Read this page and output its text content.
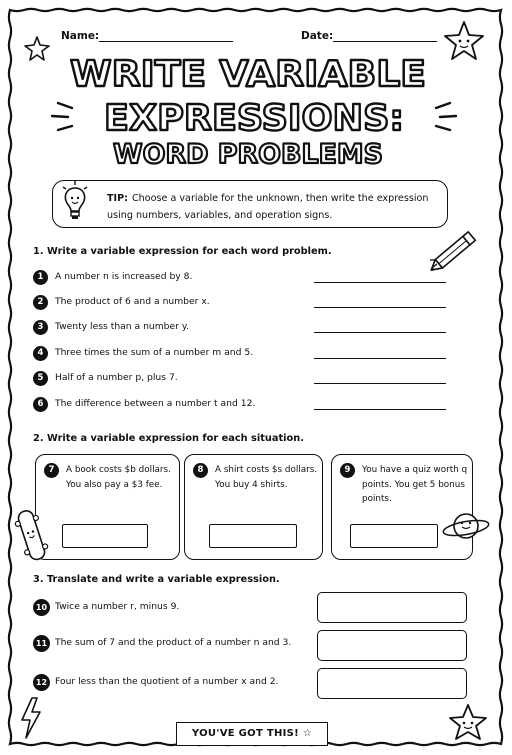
Name:	Date:
WRITE VARIABLE
EXPRESSIONS:
WORD PROBLEMS
TIP: Choose a variable for the unknown, then write the expression using numbers, variables, and operation signs.
1. Write a variable expression for each word problem.
1	A number n is increased by 8.
2	The product of 6 and a number x.
3	Twenty less than a number y.
4	Three times the sum of a number m and 5.
5	Half of a number p, plus 7.
6	The difference between a number t and 12.
2. Write a variable expression for each situation.
7	A book costs $b dollars.
You also pay a $3 fee.
8	A shirt costs $s dollars.
You buy 4 shirts.
9	You have a quiz worth q
points. You get 5 bonus
points.
3. Translate and write a variable expression.
10 Twice a number r, minus 9.
11 The sum of 7 and the product of a number n and 3.
12 Four less than the quotient of a number x and 2.
YOU'VE GOT THIS! ☆
